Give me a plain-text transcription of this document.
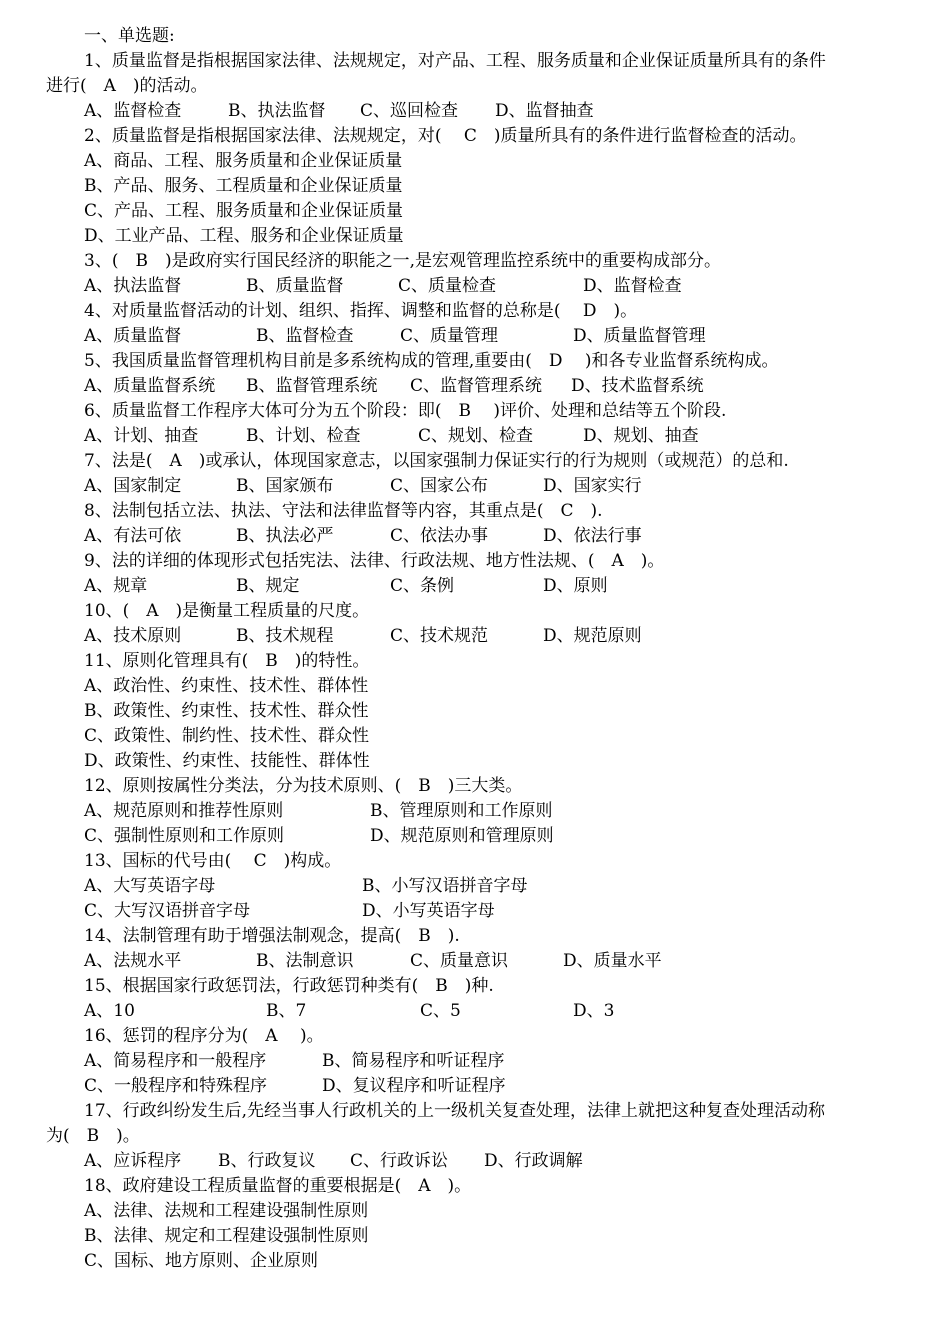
一、单选题:
1、质量监督是指根据国家法律、法规规定，对产品、工程、服务质量和企业保证质量所具有的条件
进行(　A　)的活动。

A、监督检查

	B、执法监督

C、巡回检查

D、监督抽查

2、质量监督是指根据国家法律、法规规定，对(　 C　)质量所具有的条件进行监督检查的活动。
A、商品、工程、服务质量和企业保证质量
B、产品、服务、工程质量和企业保证质量
C、产品、工程、服务质量和企业保证质量
D、工业产品、工程、服务和企业保证质量
3、(　B　)是政府实行国民经济的职能之一,是宏观管理监控系统中的重要构成部分。

A、执法监督

	B、质量监督

	C、质量检查

	D、监督检查

4、对质量监督活动的计划、组织、指挥、调整和监督的总称是(　 D　)。

A、质量监督

	B、监督检查

	C、质量管理

	D、质量监督管理

5、我国质量监督管理机构目前是多系统构成的管理,重要由(　D　 )和各专业监督系统构成。

A、质量监督系统

B、监督管理系统

C、监督管理系统

D、技术监督系统

6、质量监督工作程序大体可分为五个阶段：即(　B　 )评价、处理和总结等五个阶段.

A、计划、抽查

	B、计划、检查

	C、规划、检查

	D、规划、抽查

7、法是(　A　)或承认，体现国家意志，以国家强制力保证实行的行为规则（或规范）的总和.

A、国家制定

	B、国家颁布

	C、国家公布

	D、国家实行

8、法制包括立法、执法、守法和法律监督等内容，其重点是(　C　).

A、有法可依

	B、执法必严

	C、依法办事

	D、依法行事

9、法的详细的体现形式包括宪法、法律、行政法规、地方性法规、(　A　)。

A、规章

	B、规定

	C、条例

	D、原则

10、(　A　)是衡量工程质量的尺度。

A、技术原则

	B、技术规程

	C、技术规范

	D、规范原则

11、原则化管理具有(　B　)的特性。
A、政治性、约束性、技术性、群体性
B、政策性、约束性、技术性、群众性
C、政策性、制约性、技术性、群众性
D、政策性、约束性、技能性、群体性
12、原则按属性分类法，分为技术原则、(　B　)三大类。

A、规范原则和推荐性原则

	B、管理原则和工作原则

C、强制性原则和工作原则

	D、规范原则和管理原则

13、国标的代号由(　 C　)构成。

A、大写英语字母

	B、小写汉语拼音字母

C、大写汉语拼音字母

	D、小写英语字母

14、法制管理有助于增强法制观念，提高(　B　).

A、法规水平

	B、法制意识

	C、质量意识

	D、质量水平

15、根据国家行政惩罚法，行政惩罚种类有(　B　)种.

A、10

	B、7

	C、5

	D、3

16、惩罚的程序分为(　A　 )。

A、简易程序和一般程序

	B、简易程序和听证程序

C、一般程序和特殊程序

	D、复议程序和听证程序

17、行政纠纷发生后,先经当事人行政机关的上一级机关复查处理，法律上就把这种复查处理活动称
为(　B　)。

A、应诉程序

B、行政复议

C、行政诉讼

D、行政调解

18、政府建设工程质量监督的重要根据是(　A　)。
A、法律、法规和工程建设强制性原则
B、法律、规定和工程建设强制性原则
C、国标、地方原则、企业原则
